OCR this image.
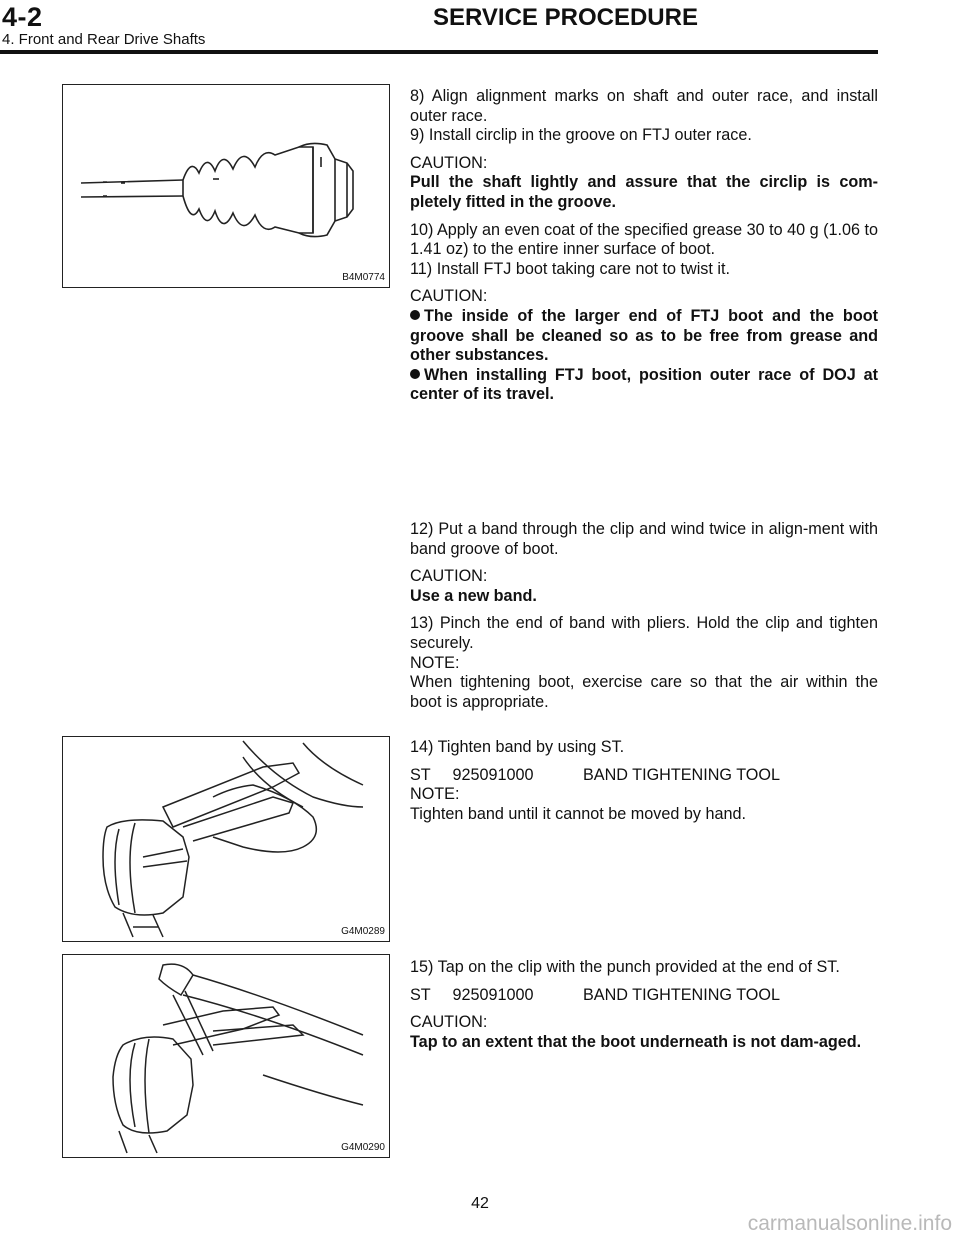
4-2	SERVICE PROCEDURE
4. Front and Rear Drive Shafts
B4M0774
G4M0289
G4M0290
8) Align alignment marks on shaft and outer race, and install outer race.

9) Install circlip in the groove on FTJ outer race.

CAUTION:

Pull the shaft lightly and assure that the circlip is com-pletely fitted in the groove.

10) Apply an even coat of the specified grease 30 to 40 g (1.06 to 1.41 oz) to the entire inner surface of boot.

11) Install FTJ boot taking care not to twist it.

CAUTION:
The inside of the larger end of FTJ boot and the boot groove shall be cleaned so as to be free from grease and other substances.
When installing FTJ boot, position outer race of DOJ at center of its travel.

12) Put a band through the clip and wind twice in align-ment with band groove of boot.

CAUTION:

Use a new band.

13) Pinch the end of band with pliers. Hold the clip and tighten securely.
NOTE:
When tightening boot, exercise care so that the air within the boot is appropriate.

14) Tighten band by using ST.

ST 925091000	BAND TIGHTENING TOOL
NOTE:
Tighten band until it cannot be moved by hand.

15) Tap on the clip with the punch provided at the end of ST.

ST 925091000	BAND TIGHTENING TOOL

CAUTION:
Tap to an extent that the boot underneath is not dam-aged.
42
carmanualsonline.info
